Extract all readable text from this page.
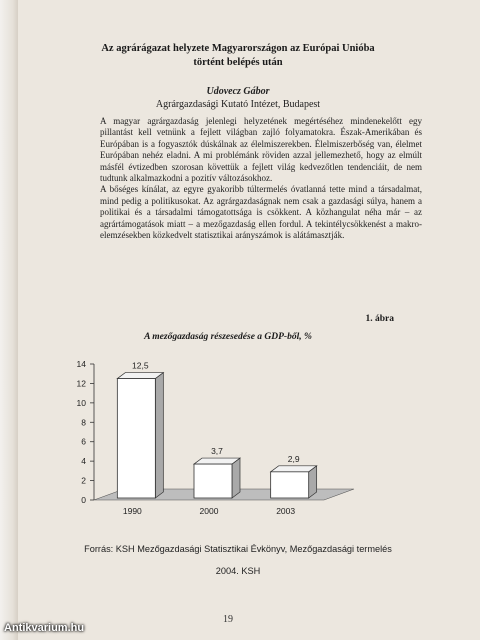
Az agrárágazat helyzete Magyarországon az Európai Unióba
történt belépés után
Udovecz Gábor
Agrárgazdasági Kutató Intézet, Budapest

A magyar agrárgazdaság jelenlegi helyzetének megértéséhez mindenekelőtt egy pillantást kell vetnünk a fejlett világban zajló folyamatokra. Észak-Amerikában és Európában is a fogyasztók dúskálnak az élelmiszerekben. Élelmiszerbőség van, élelmet Európában nehéz eladni. A mi problémánk röviden azzal jellemezhető, hogy az elmúlt másfél évtizedben szorosan követtük a fejlett világ kedvezőtlen tendenciáit, de nem tudtunk alkalmazkodni a pozitív változásokhoz.

A bőséges kínálat, az egyre gyakoribb túltermelés óvatlanná tette mind a társadalmat, mind pedig a politikusokat. Az agrárgazdaságnak nem csak a gazdasági súlya, hanem a politikai és a társadalmi támogatottsága is csökkent. A közhangulat néha már – az agrártámogatások miatt – a mezőgazdaság ellen fordul. A tekintélycsökkenést a makro-elemzésekben közkedvelt statisztikai arányszámok is alátámasztják.

1. ábra
A mezőgazdaság részesedése a GDP-ből, %
0
2
4
6
8
10
12
14	12,5
1990
3,7
2000
2,9
2003
Forrás: KSH Mezőgazdasági Statisztikai Évkönyv, Mezőgazdasági termelés
2004. KSH
19
Antikvarium.hu
